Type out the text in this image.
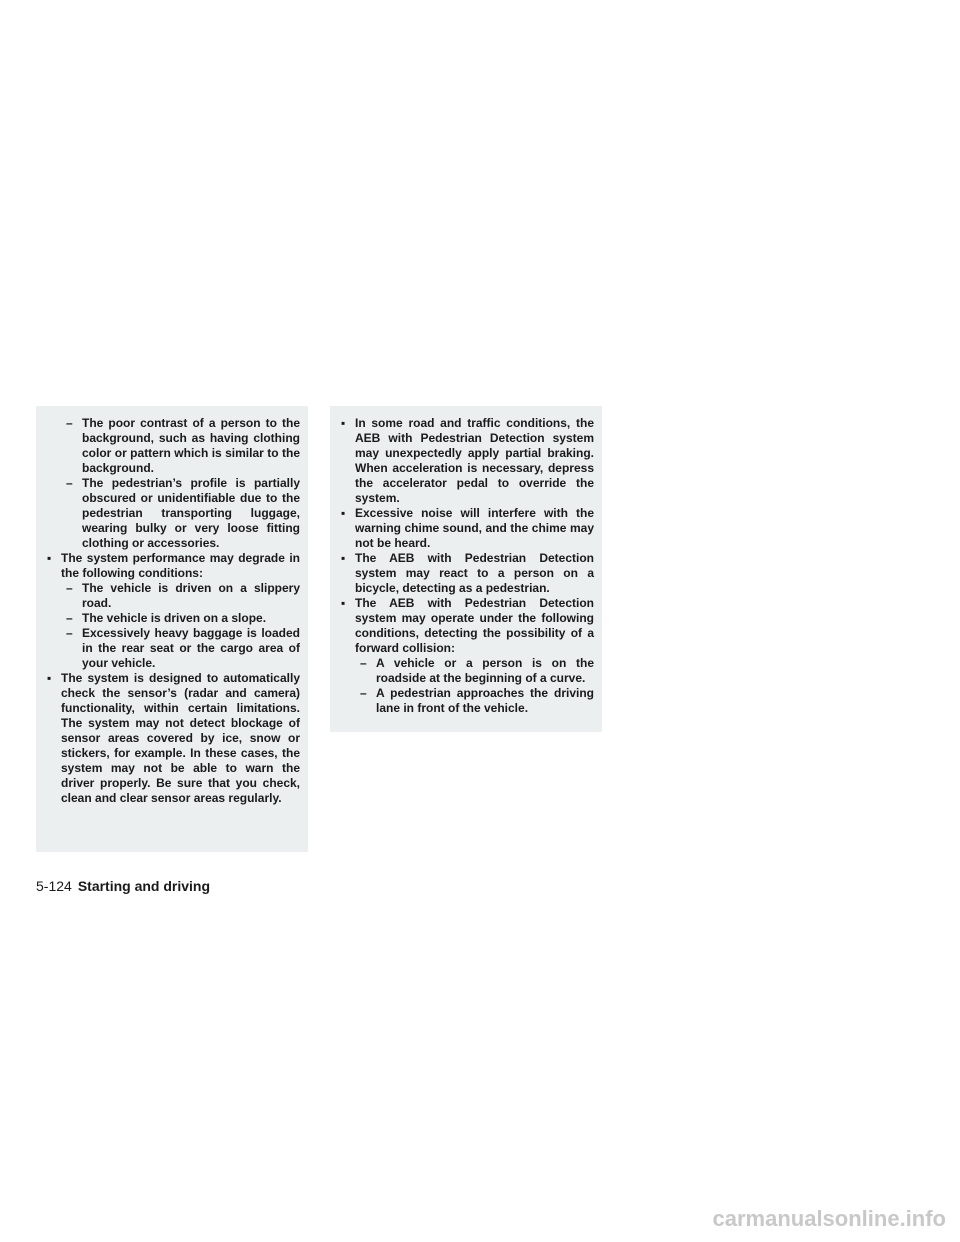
– The poor contrast of a person to the background, such as having clothing color or pattern which is similar to the background.
– The pedestrian’s profile is partially obscured or unidentifiable due to the pedestrian transporting luggage, wearing bulky or very loose fitting clothing or accessories.
▪ The system performance may degrade in the following conditions:
– The vehicle is driven on a slippery road.
– The vehicle is driven on a slope.
– Excessively heavy baggage is loaded in the rear seat or the cargo area of your vehicle.
▪ The system is designed to automatically check the sensor’s (radar and camera) functionality, within certain limitations. The system may not detect blockage of sensor areas covered by ice, snow or stickers, for example. In these cases, the system may not be able to warn the driver properly. Be sure that you check, clean and clear sensor areas regularly.
▪ In some road and traffic conditions, the AEB with Pedestrian Detection system may unexpectedly apply partial braking. When acceleration is necessary, depress the accelerator pedal to override the system.
▪ Excessive noise will interfere with the warning chime sound, and the chime may not be heard.
▪ The AEB with Pedestrian Detection system may react to a person on a bicycle, detecting as a pedestrian.
▪ The AEB with Pedestrian Detection system may operate under the following conditions, detecting the possibility of a forward collision:
– A vehicle or a person is on the roadside at the beginning of a curve.
– A pedestrian approaches the driving lane in front of the vehicle.
5-124 Starting and driving
carmanualsonline.info
